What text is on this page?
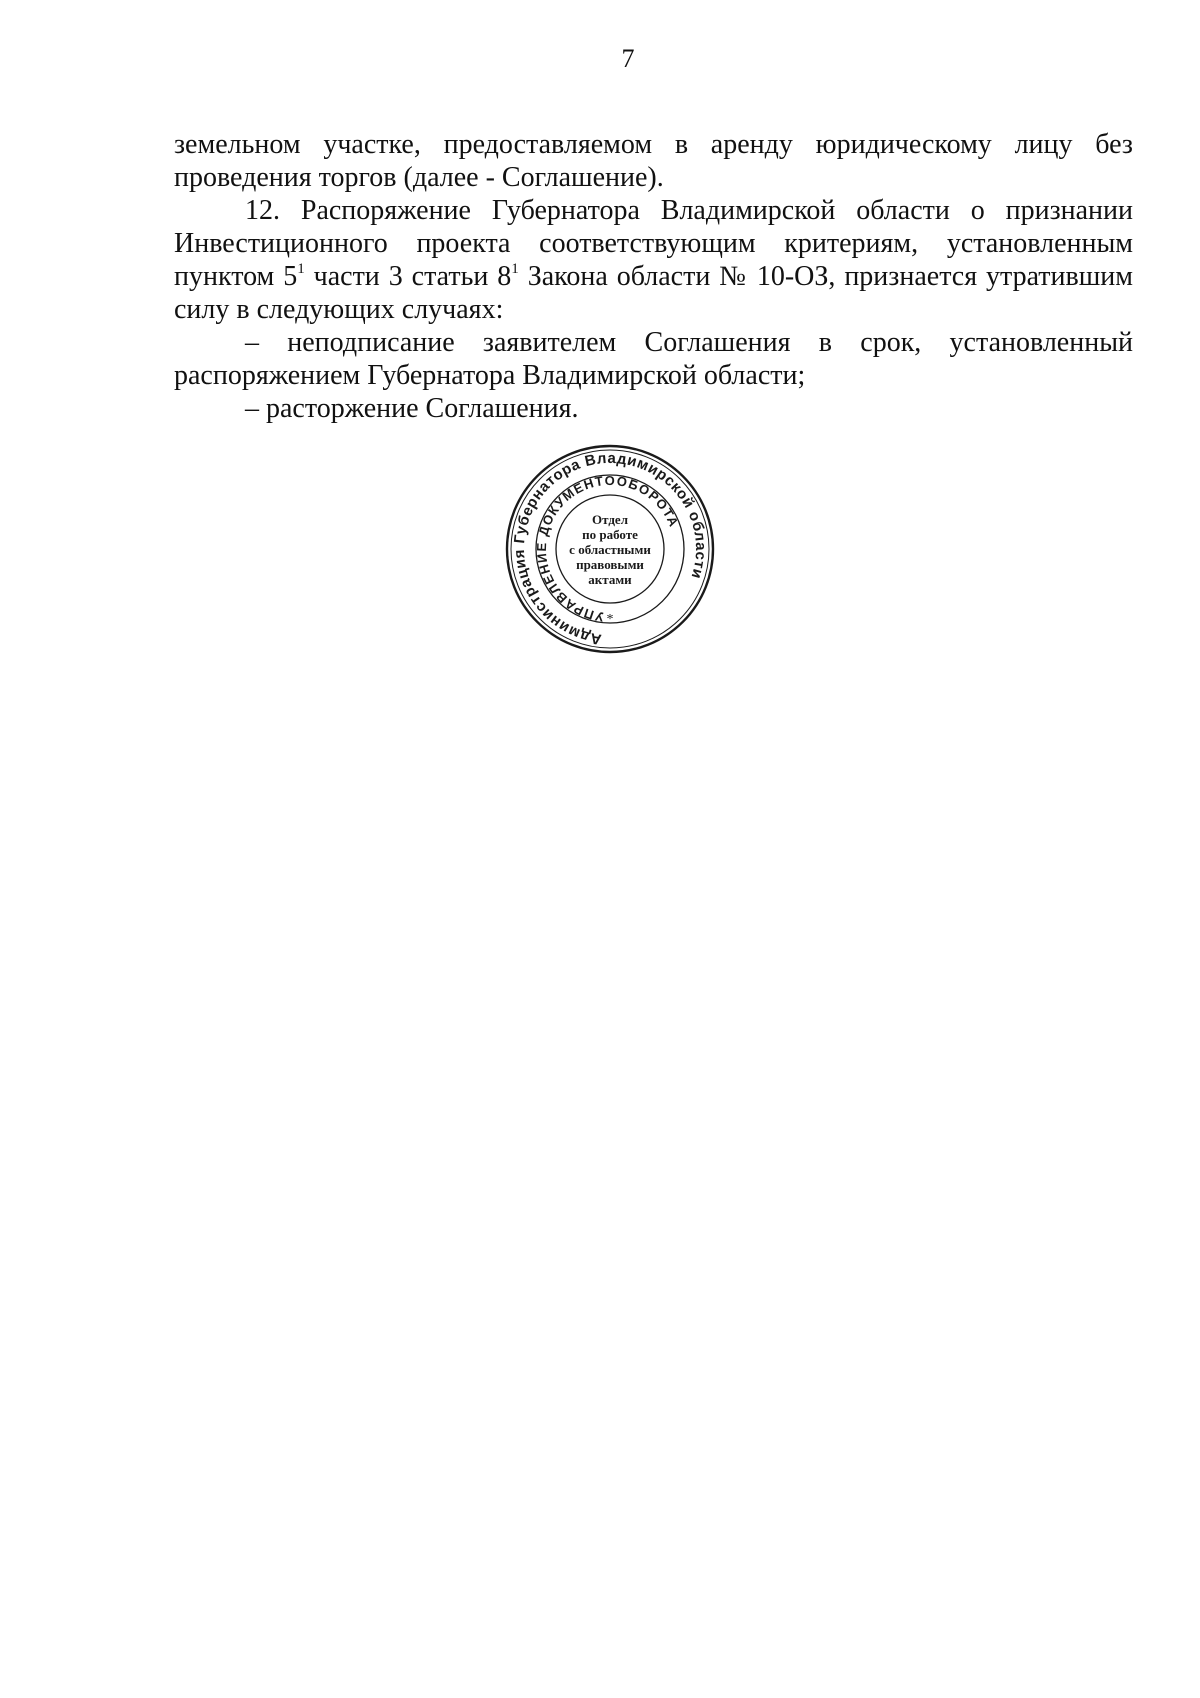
7

земельном участке, предоставляемом в аренду юридическому лицу без проведения торгов (далее - Соглашение).

12. Распоряжение Губернатора Владимирской области о признании Инвестиционного проекта соответствующим критериям, установленным пунктом $5^1$ части 3 статьи $8^1$ Закона области № 10-ОЗ, признается утратившим силу в следующих случаях:

– неподписание заявителем Соглашения в срок, установленный распоряжением Губернатора Владимирской области;

– расторжение Соглашения.

Администрация Губернатора Владимирской области
УПРАВЛЕНИЕ ДОКУМЕНТООБОРОТА
*
Отдел
по работе
с областными
правовыми
актами
